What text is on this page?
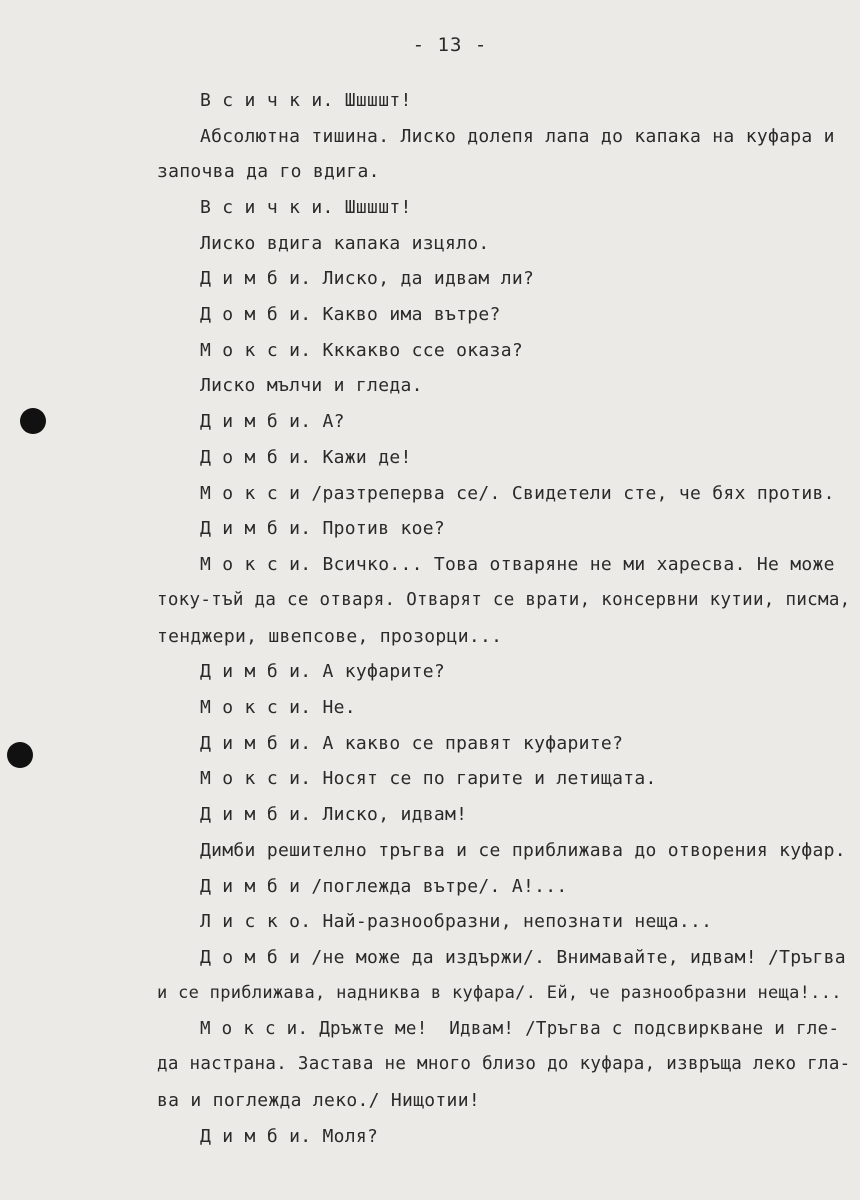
- 13 -
В с и ч к и. Шшшшт!
Абсолютна тишина. Лиско долепя лапа до капака на куфара и
започва да го вдига.
В с и ч к и. Шшшшт!
Лиско вдига капака изцяло.
Д и м б и. Лиско, да идвам ли?
Д о м б и. Какво има вътре?
М о к с и. Кккакво ссе оказа?
Лиско мълчи и гледа.
Д и м б и. А?
Д о м б и. Кажи де!
М о к с и /разтреперва се/. Свидетели сте, че бях против.
Д и м б и. Против кое?
М о к с и. Всичко... Това отваряне не ми харесва. Не може
току-тъй да се отваря. Отварят се врати, консервни кутии, писма,
тенджери, швепсове, прозорци...
Д и м б и. А куфарите?
М о к с и. Не.
Д и м б и. А какво се правят куфарите?
М о к с и. Носят се по гарите и летищата.
Д и м б и. Лиско, идвам!
Димби решително тръгва и се приближава до отворения куфар.
Д и м б и /поглежда вътре/. А!...
Л и с к о. Най-разнообразни, непознати неща...
Д о м б и /не може да издържи/. Внимавайте, идвам! /Тръгва
и се приближава, надниква в куфара/. Ей, че разнообразни неща!...
М о к с и. Дръжте ме!  Идвам! /Тръгва с подсвиркване и гле-
да настрана. Застава не много близо до куфара, извръща леко гла-
ва и поглежда леко./ Нищотии!
Д и м б и. Моля?
